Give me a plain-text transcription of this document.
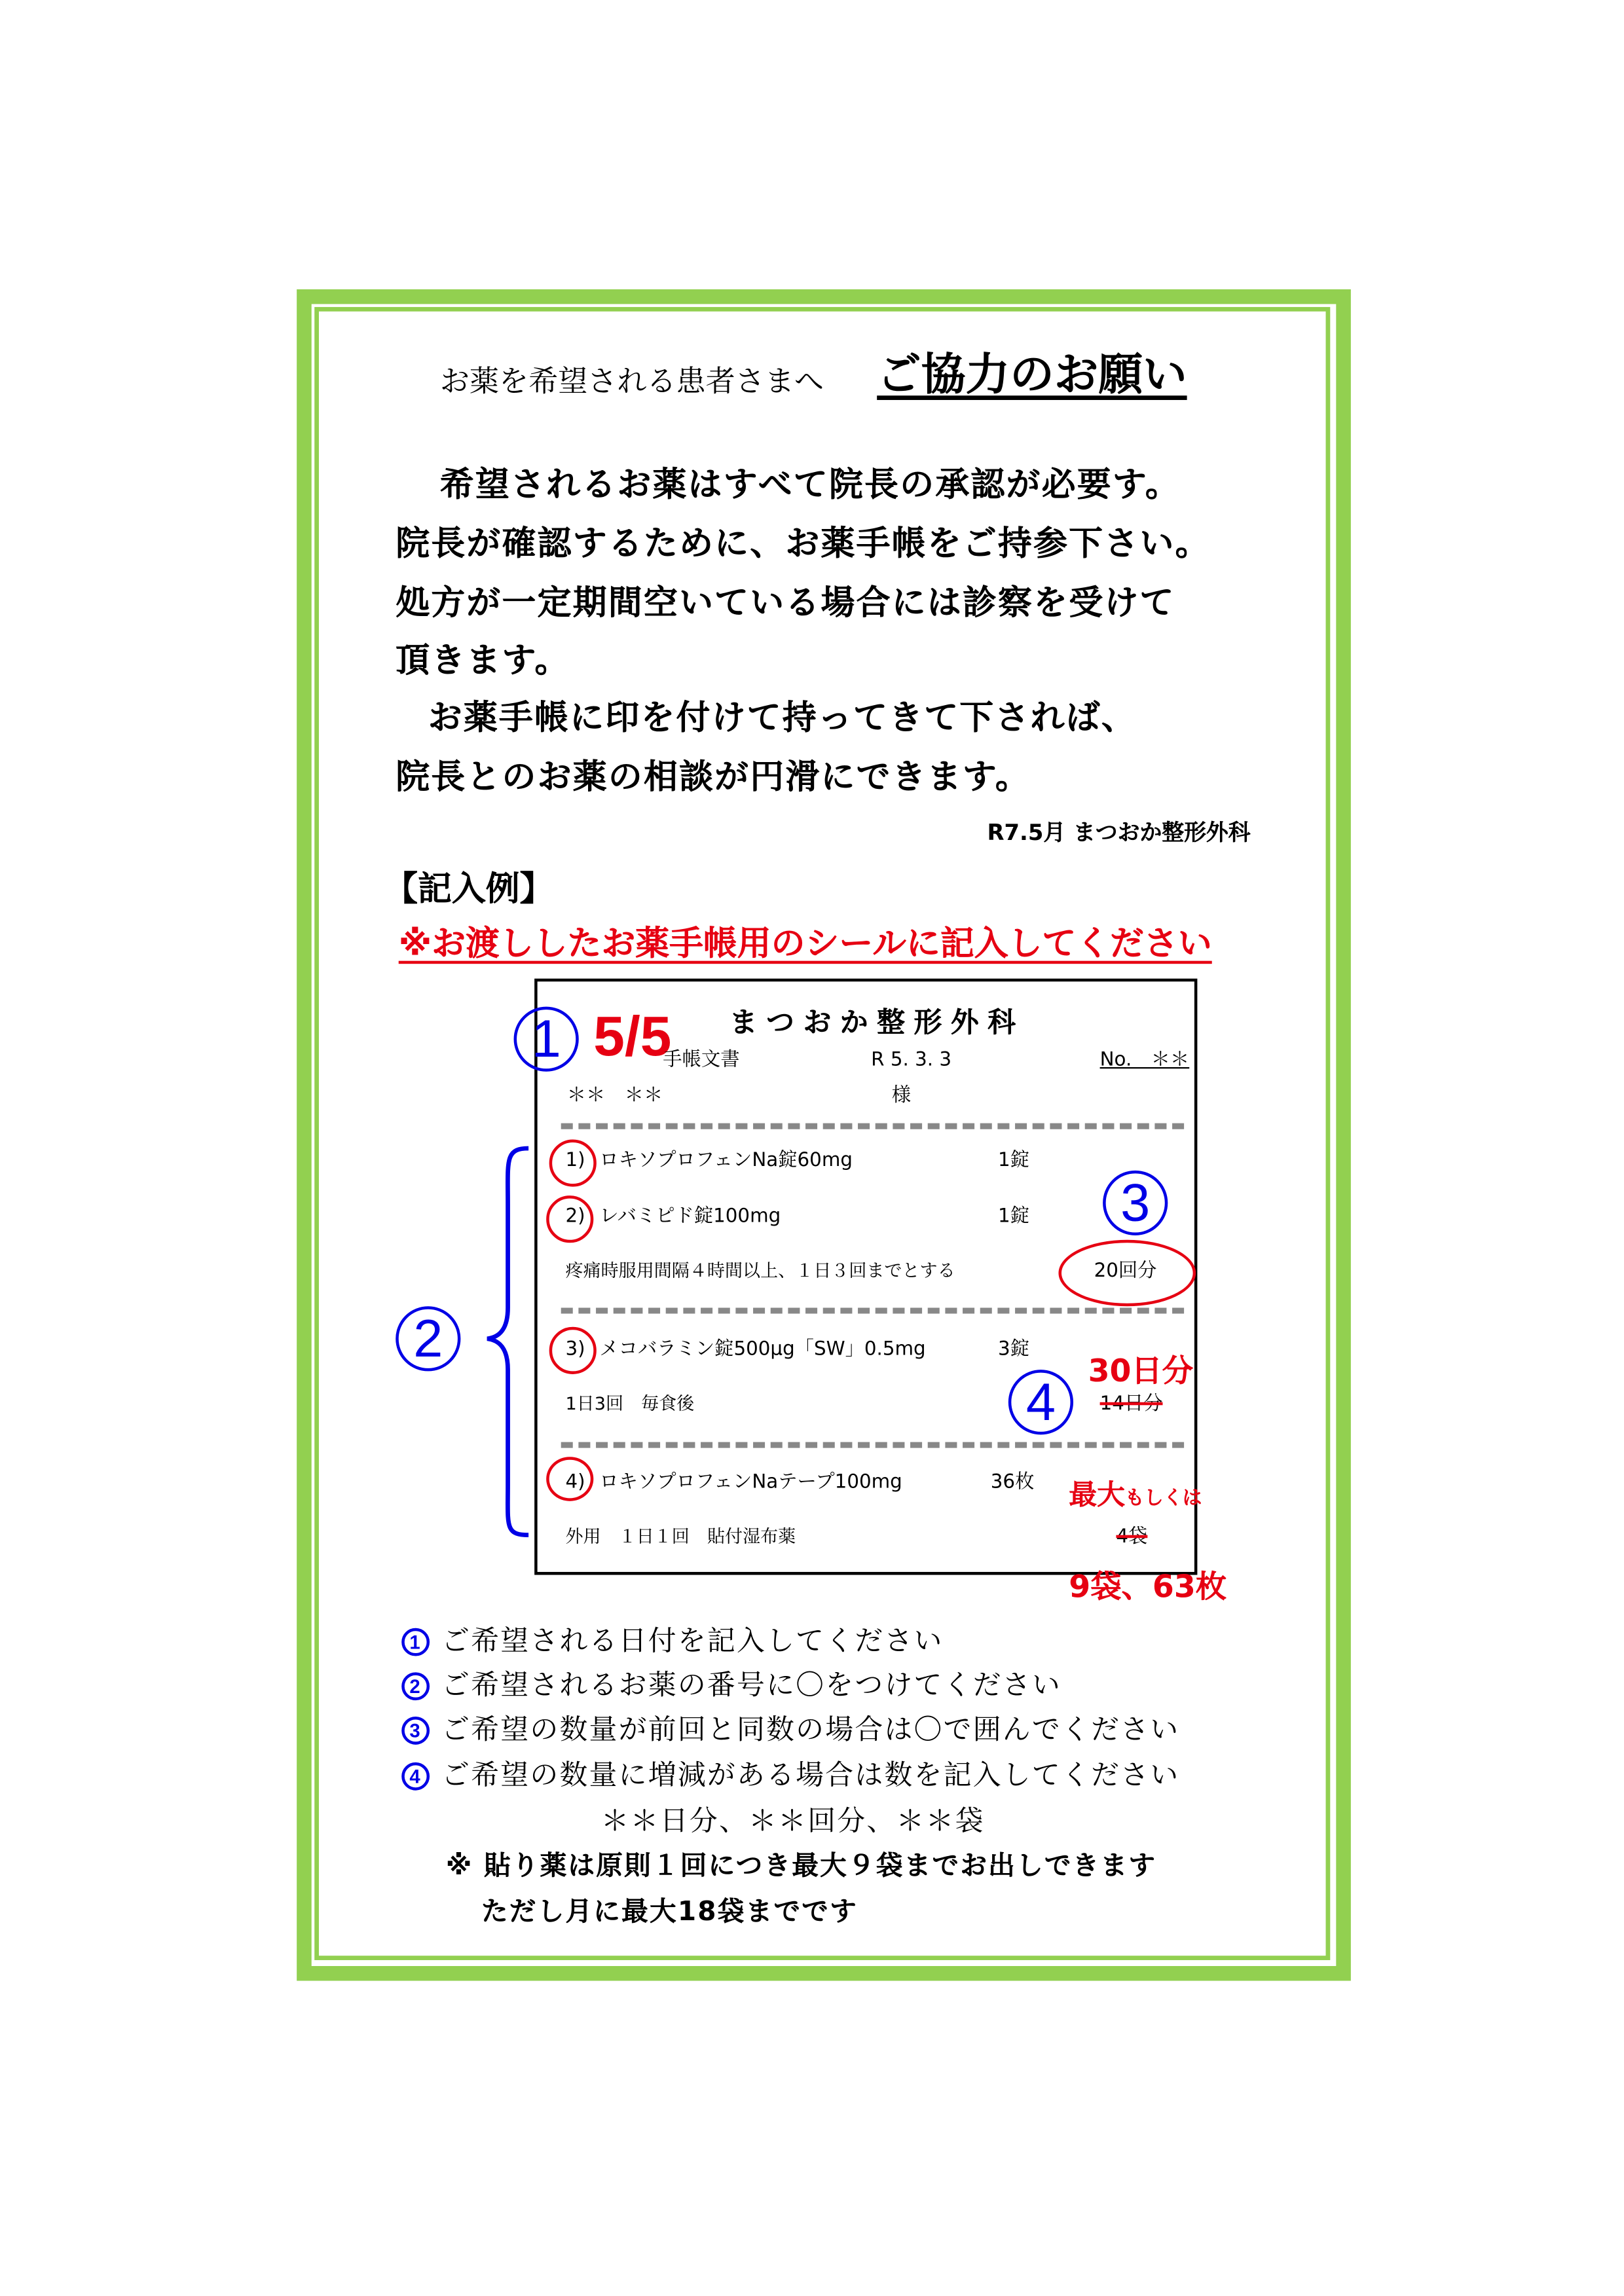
お薬を希望される患者さまへ	ご協力のお願い
希望されるお薬はすべて院長の承認が必要す。
院長が確認するために、お薬手帳をご持参下さい。
処方が一定期間空いている場合には診察を受けて
頂きます。
お薬手帳に印を付けて持ってきて下されば、
院長とのお薬の相談が円滑にできます。
R7.5月 まつおか整形外科
【記入例】
※お渡ししたお薬手帳用のシールに記入してください
1	5/5	まつおか整形外科
手帳文書	R 5. 3. 3	No.　＊＊
＊＊　＊＊	様
1) ロキソプロフェンNa錠60mg	1錠
2) レバミピド錠100mg	1錠
疼痛時服用間隔４時間以上、１日３回までとする	20回分
3
3) メコバラミン錠500μg「SW」0.5mg	3錠
1日3回　毎食後	4	30日分
14日分
4) ロキソプロフェンNaテープ100mg	36枚
外用　１日１回　貼付湿布薬
最大もしくは
4袋
9袋、63枚
2
1 ご希望される日付を記入してください
2 ご希望されるお薬の番号に〇をつけてください
3 ご希望の数量が前回と同数の場合は〇で囲んでください
4 ご希望の数量に増減がある場合は数を記入してください
＊＊日分、＊＊回分、＊＊袋
※ 貼り薬は原則１回につき最大９袋までお出しできます
ただし月に最大18袋までです
